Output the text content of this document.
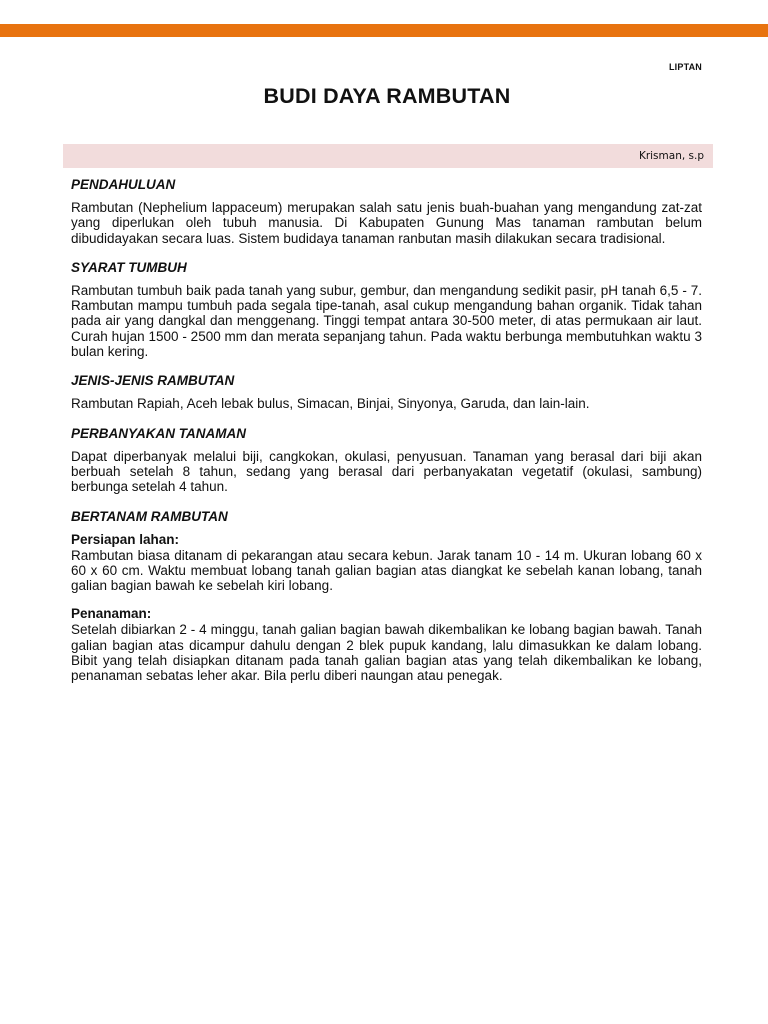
LIPTAN
BUDI DAYA RAMBUTAN
Krisman, s.p
PENDAHULUAN

Rambutan (Nephelium lappaceum) merupakan salah satu jenis buah-buahan yang mengandung zat-zat yang diperlukan oleh tubuh manusia. Di Kabupaten Gunung Mas tanaman rambutan belum dibudidayakan secara luas. Sistem budidaya tanaman ranbutan masih dilakukan secara tradisional.

SYARAT TUMBUH

Rambutan tumbuh baik pada tanah yang subur, gembur, dan mengandung sedikit pasir, pH tanah 6,5 - 7. Rambutan mampu tumbuh pada segala tipe-tanah, asal cukup mengandung bahan organik. Tidak tahan pada air yang dangkal dan menggenang. Tinggi tempat antara 30-500 meter, di atas permukaan air laut. Curah hujan 1500 - 2500 mm dan merata sepanjang tahun. Pada waktu berbunga membutuhkan waktu 3 bulan kering.

JENIS-JENIS RAMBUTAN

Rambutan Rapiah, Aceh lebak bulus, Simacan, Binjai, Sinyonya, Garuda, dan lain-lain.

PERBANYAKAN TANAMAN

Dapat diperbanyak melalui biji, cangkokan, okulasi, penyusuan. Tanaman yang berasal dari biji akan berbuah setelah 8 tahun, sedang yang berasal dari perbanyakatan vegetatif (okulasi, sambung) berbunga setelah 4 tahun.

BERTANAM RAMBUTAN
Persiapan lahan:

Rambutan biasa ditanam di pekarangan atau secara kebun. Jarak tanam 10 - 14 m. Ukuran lobang 60 x 60 x 60 cm. Waktu membuat lobang tanah galian bagian atas diangkat ke sebelah kanan lobang, tanah galian bagian bawah ke sebelah kiri lobang.

Penanaman:

Setelah dibiarkan 2 - 4 minggu, tanah galian bagian bawah dikembalikan ke lobang bagian bawah. Tanah galian bagian atas dicampur dahulu dengan 2 blek pupuk kandang, lalu dimasukkan ke dalam lobang. Bibit yang telah disiapkan ditanam pada tanah galian bagian atas yang telah dikembalikan ke lobang, penanaman sebatas leher akar. Bila perlu diberi naungan atau penegak.
